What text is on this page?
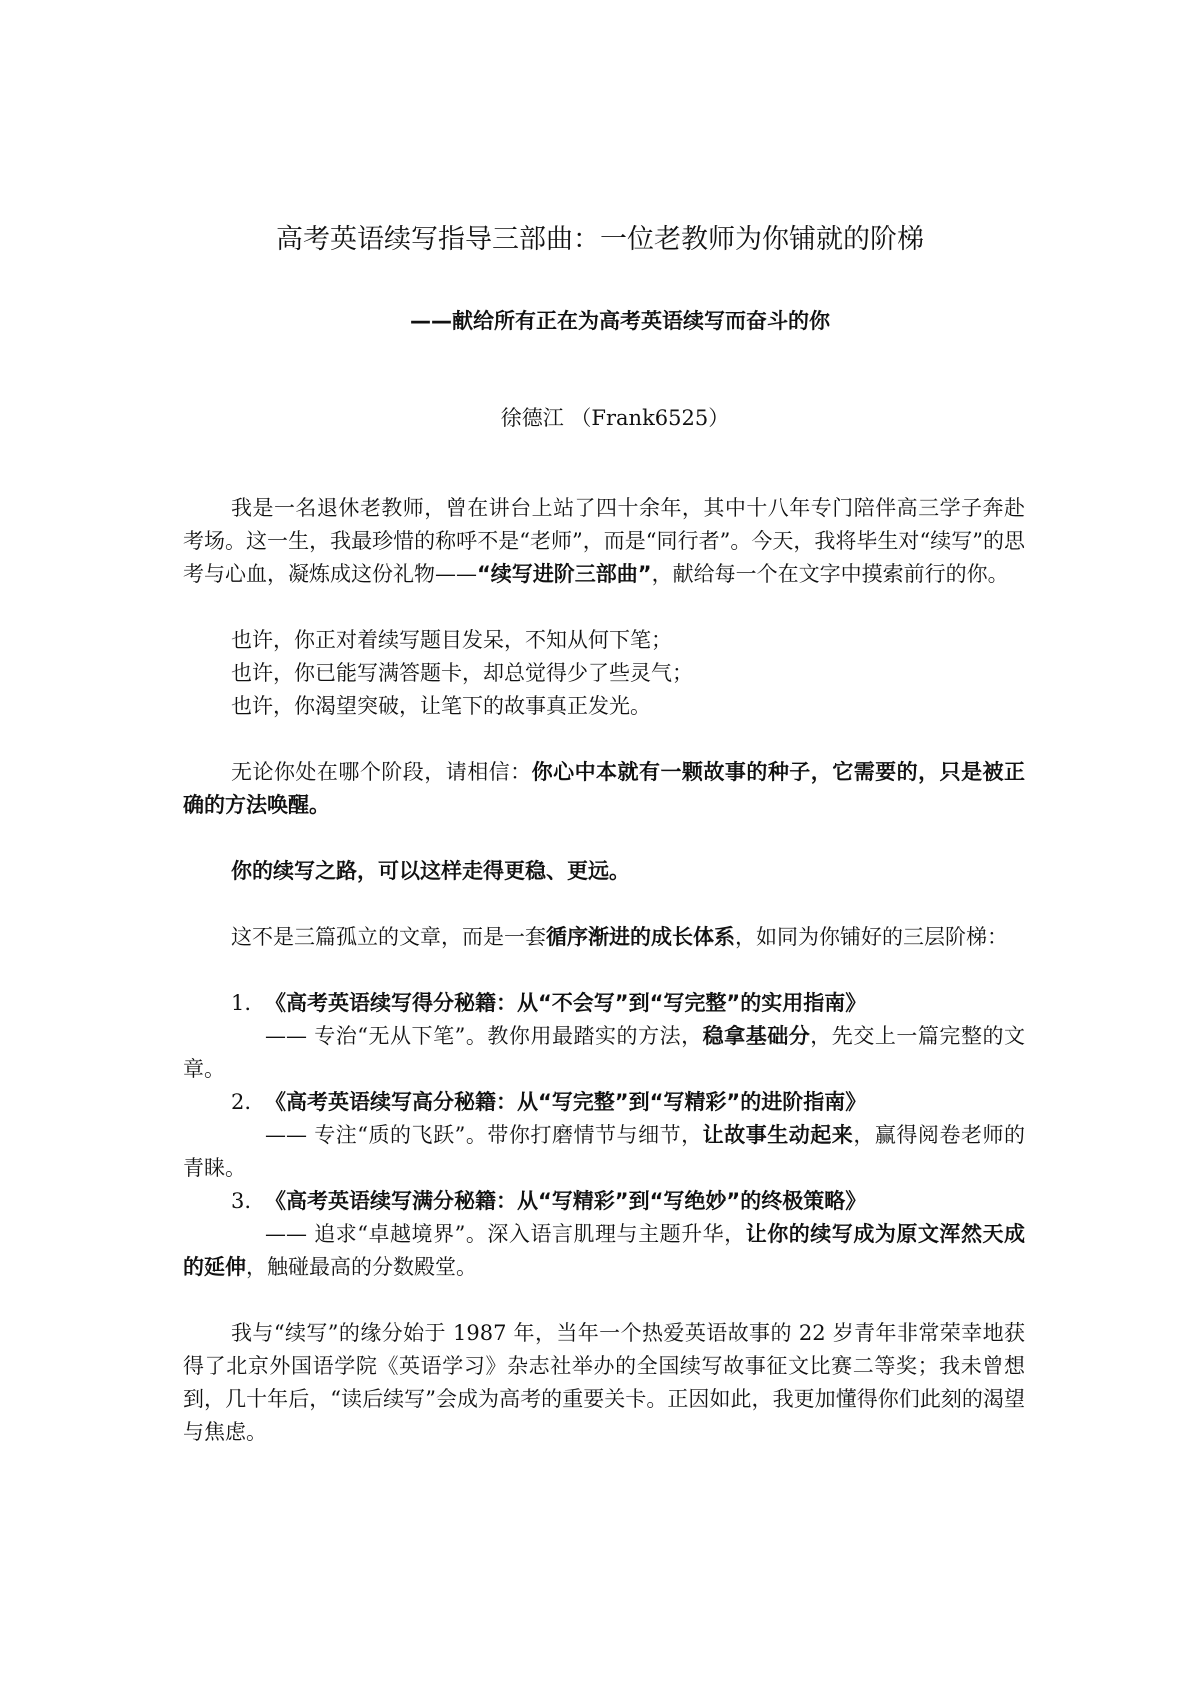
高考英语续写指导三部曲：一位老教师为你铺就的阶梯
——献给所有正在为高考英语续写而奋斗的你

徐德江 （Frank6525）

我是一名退休老教师，曾在讲台上站了四十余年，其中十八年专门陪伴高三学子奔赴考场。这一生，我最珍惜的称呼不是“老师”，而是“同行者”。今天，我将毕生对“续写”的思考与心血，凝炼成这份礼物——“续写进阶三部曲”，献给每一个在文字中摸索前行的你。

也许，你正对着续写题目发呆，不知从何下笔；

也许，你已能写满答题卡，却总觉得少了些灵气；

也许，你渴望突破，让笔下的故事真正发光。

无论你处在哪个阶段，请相信：你心中本就有一颗故事的种子，它需要的，只是被正确的方法唤醒。

你的续写之路，可以这样走得更稳、更远。

这不是三篇孤立的文章，而是一套循序渐进的成长体系，如同为你铺好的三层阶梯：

1. 《高考英语续写得分秘籍：从“不会写”到“写完整”的实用指南》

—— 专治“无从下笔”。教你用最踏实的方法，稳拿基础分，先交上一篇完整的文章。

2. 《高考英语续写高分秘籍：从“写完整”到“写精彩”的进阶指南》

—— 专注“质的飞跃”。带你打磨情节与细节，让故事生动起来，赢得阅卷老师的青睐。

3. 《高考英语续写满分秘籍：从“写精彩”到“写绝妙”的终极策略》

—— 追求“卓越境界”。深入语言肌理与主题升华，让你的续写成为原文浑然天成的延伸，触碰最高的分数殿堂。

我与“续写”的缘分始于 1987 年，当年一个热爱英语故事的 22 岁青年非常荣幸地获得了北京外国语学院《英语学习》杂志社举办的全国续写故事征文比赛二等奖；我未曾想到，几十年后，“读后续写”会成为高考的重要关卡。正因如此，我更加懂得你们此刻的渴望与焦虑。
